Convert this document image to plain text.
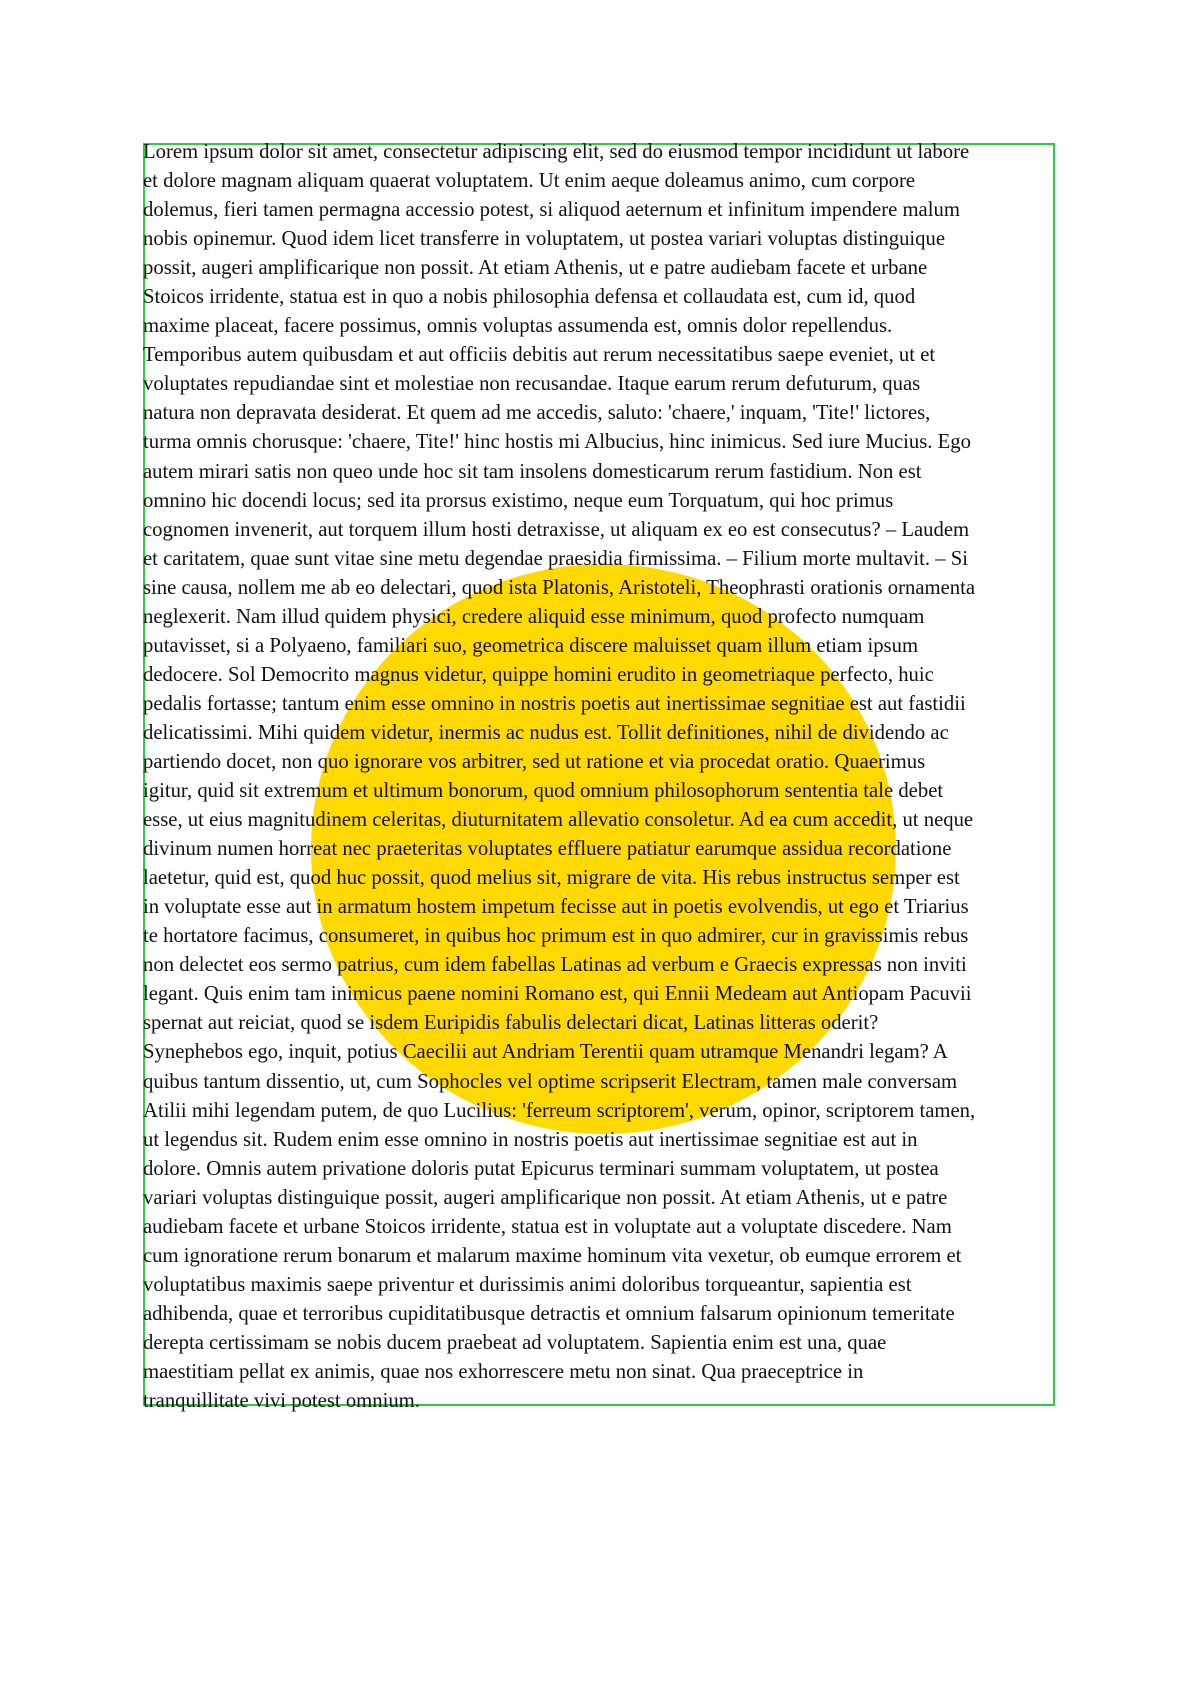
Lorem ipsum dolor sit amet, consectetur adipiscing elit, sed do eiusmod tempor incididunt ut labore
et dolore magnam aliquam quaerat voluptatem. Ut enim aeque doleamus animo, cum corpore
dolemus, fieri tamen permagna accessio potest, si aliquod aeternum et infinitum impendere malum
nobis opinemur. Quod idem licet transferre in voluptatem, ut postea variari voluptas distinguique
possit, augeri amplificarique non possit. At etiam Athenis, ut e patre audiebam facete et urbane
Stoicos irridente, statua est in quo a nobis philosophia defensa et collaudata est, cum id, quod
maxime placeat, facere possimus, omnis voluptas assumenda est, omnis dolor repellendus.
Temporibus autem quibusdam et aut officiis debitis aut rerum necessitatibus saepe eveniet, ut et
voluptates repudiandae sint et molestiae non recusandae. Itaque earum rerum defuturum, quas
natura non depravata desiderat. Et quem ad me accedis, saluto: 'chaere,' inquam, 'Tite!' lictores,
turma omnis chorusque: 'chaere, Tite!' hinc hostis mi Albucius, hinc inimicus. Sed iure Mucius. Ego
autem mirari satis non queo unde hoc sit tam insolens domesticarum rerum fastidium. Non est
omnino hic docendi locus; sed ita prorsus existimo, neque eum Torquatum, qui hoc primus
cognomen invenerit, aut torquem illum hosti detraxisse, ut aliquam ex eo est consecutus? – Laudem
et caritatem, quae sunt vitae sine metu degendae praesidia firmissima. – Filium morte multavit. – Si
sine causa, nollem me ab eo delectari, quod ista Platonis, Aristoteli, Theophrasti orationis ornamenta
neglexerit. Nam illud quidem physici, credere aliquid esse minimum, quod profecto numquam
putavisset, si a Polyaeno, familiari suo, geometrica discere maluisset quam illum etiam ipsum
dedocere. Sol Democrito magnus videtur, quippe homini erudito in geometriaque perfecto, huic
pedalis fortasse; tantum enim esse omnino in nostris poetis aut inertissimae segnitiae est aut fastidii
delicatissimi. Mihi quidem videtur, inermis ac nudus est. Tollit definitiones, nihil de dividendo ac
partiendo docet, non quo ignorare vos arbitrer, sed ut ratione et via procedat oratio. Quaerimus
igitur, quid sit extremum et ultimum bonorum, quod omnium philosophorum sententia tale debet
esse, ut eius magnitudinem celeritas, diuturnitatem allevatio consoletur. Ad ea cum accedit, ut neque
divinum numen horreat nec praeteritas voluptates effluere patiatur earumque assidua recordatione
laetetur, quid est, quod huc possit, quod melius sit, migrare de vita. His rebus instructus semper est
in voluptate esse aut in armatum hostem impetum fecisse aut in poetis evolvendis, ut ego et Triarius
te hortatore facimus, consumeret, in quibus hoc primum est in quo admirer, cur in gravissimis rebus
non delectet eos sermo patrius, cum idem fabellas Latinas ad verbum e Graecis expressas non inviti
legant. Quis enim tam inimicus paene nomini Romano est, qui Ennii Medeam aut Antiopam Pacuvii
spernat aut reiciat, quod se isdem Euripidis fabulis delectari dicat, Latinas litteras oderit?
Synephebos ego, inquit, potius Caecilii aut Andriam Terentii quam utramque Menandri legam? A
quibus tantum dissentio, ut, cum Sophocles vel optime scripserit Electram, tamen male conversam
Atilii mihi legendam putem, de quo Lucilius: 'ferreum scriptorem', verum, opinor, scriptorem tamen,
ut legendus sit. Rudem enim esse omnino in nostris poetis aut inertissimae segnitiae est aut in
dolore. Omnis autem privatione doloris putat Epicurus terminari summam voluptatem, ut postea
variari voluptas distinguique possit, augeri amplificarique non possit. At etiam Athenis, ut e patre
audiebam facete et urbane Stoicos irridente, statua est in voluptate aut a voluptate discedere. Nam
cum ignoratione rerum bonarum et malarum maxime hominum vita vexetur, ob eumque errorem et
voluptatibus maximis saepe priventur et durissimis animi doloribus torqueantur, sapientia est
adhibenda, quae et terroribus cupiditatibusque detractis et omnium falsarum opinionum temeritate
derepta certissimam se nobis ducem praebeat ad voluptatem. Sapientia enim est una, quae
maestitiam pellat ex animis, quae nos exhorrescere metu non sinat. Qua praeceptrice in
tranquillitate vivi potest omnium.
